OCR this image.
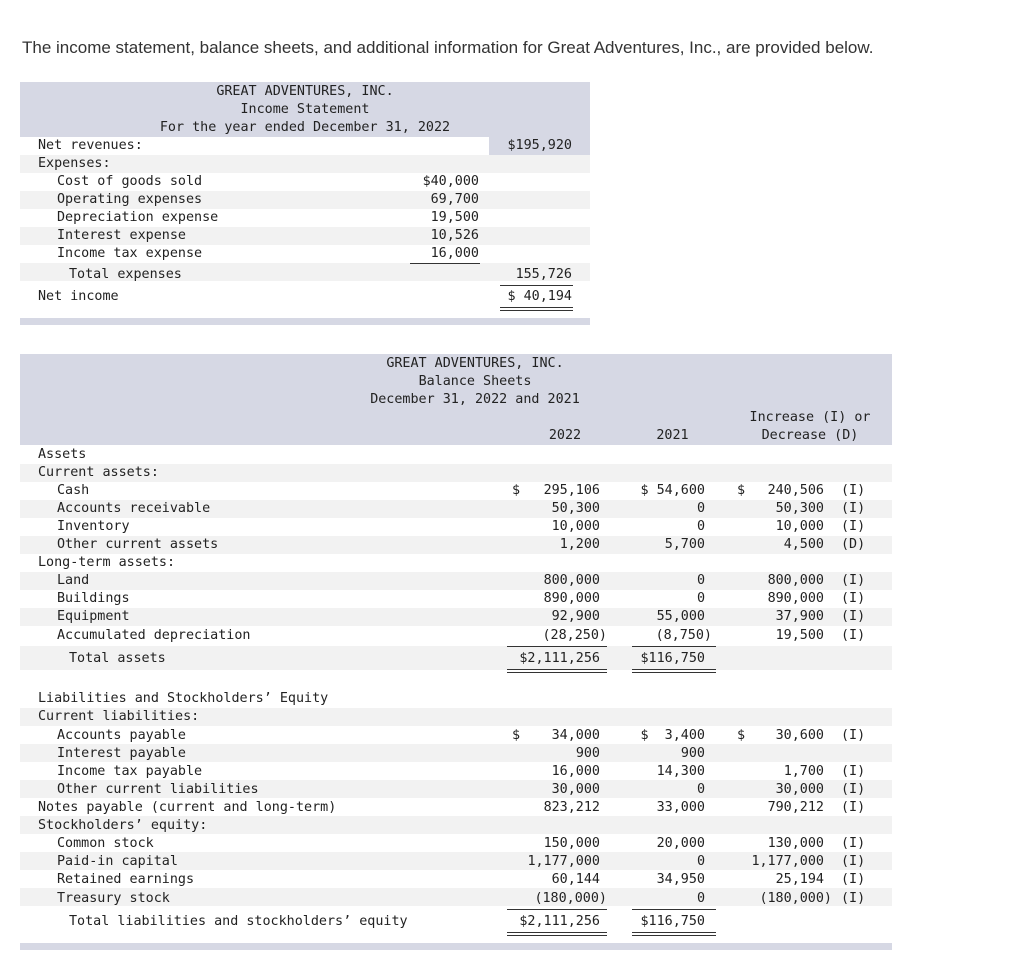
The income statement, balance sheets, and additional information for Great Adventures, Inc., are provided below.
GREAT ADVENTURES, INC.
Income Statement
For the year ended December 31, 2022
Net revenues:	$195,920
Expenses:
Cost of goods sold	$40,000
Operating expenses	69,700
Depreciation expense	19,500
Interest expense	10,526
Income tax expense	16,000
Total expenses	155,726
Net income	$ 40,194
GREAT ADVENTURES, INC.
Balance Sheets
December 31, 2022 and 2021
Increase (I) or
2022	2021	Decrease (D)
Assets
Current assets:
Cash	$	295,106	$ 54,600 $	240,506 (I)
Accounts receivable	50,300	0	50,300 (I)
Inventory	10,000	0	10,000 (I)
Other current assets	1,200	5,700	4,500 (D)
Long-term assets:
Land	800,000	0	800,000 (I)
Buildings	890,000	0	890,000 (I)
Equipment	92,900	55,000	37,900 (I)
Accumulated depreciation	(28,250)	(8,750)	19,500 (I)
Total assets	$2,111,256	$116,750
Liabilities and Stockholders’ Equity
Current liabilities:
Accounts payable	$	34,000	$  3,400 $	30,600 (I)
Interest payable	900	900
Income tax payable	16,000	14,300	1,700 (I)
Other current liabilities	30,000	0	30,000 (I)
Notes payable (current and long-term)	823,212	33,000	790,212 (I)
Stockholders’ equity:
Common stock	150,000	20,000	130,000 (I)
Paid-in capital	1,177,000	0	1,177,000 (I)
Retained earnings	60,144	34,950	25,194 (I)
Treasury stock	(180,000)	0	(180,000) (I)
Total liabilities and stockholders’ equity	$2,111,256	$116,750
